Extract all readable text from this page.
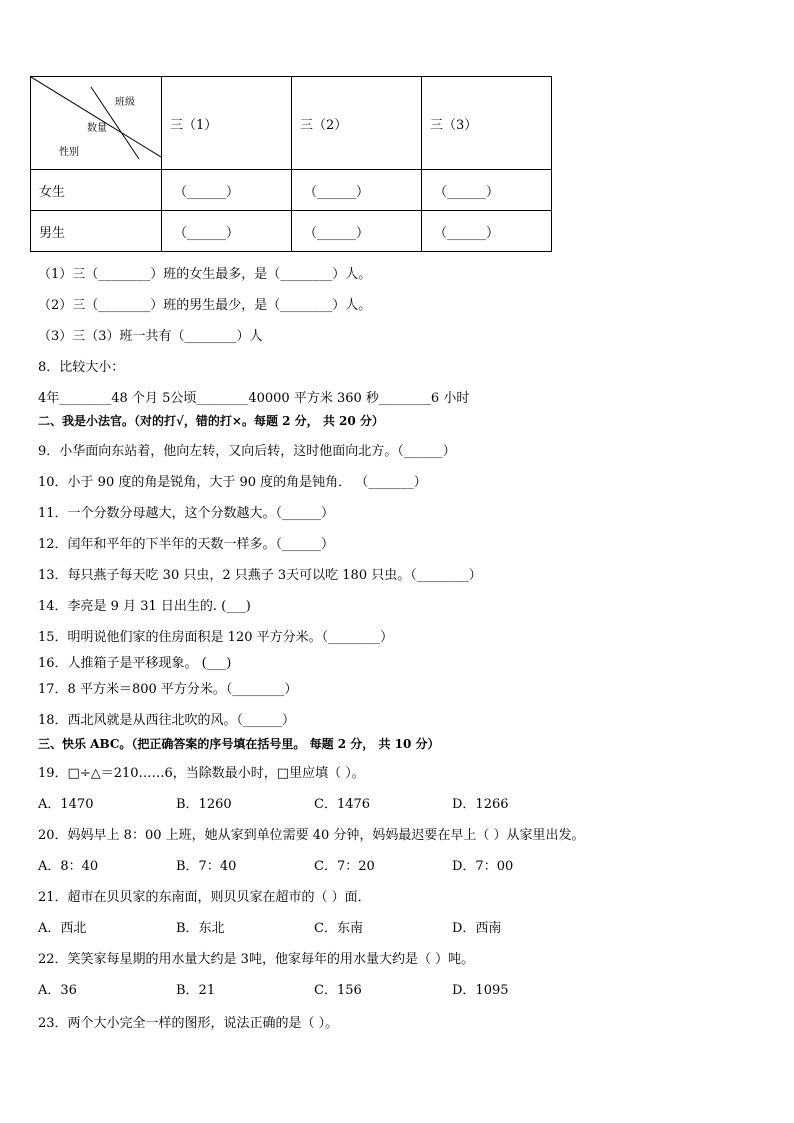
班级
数量
性别	三（1）	三（2）	三（3）
女生	（______）	（______）	（______）
男生	（______）	（______）	（______）
（1）三（________）班的女生最多，是（________）人。
（2）三（________）班的男生最少，是（________）人。
（3）三（3）班一共有（________）人
8．比较大小：
4年________48 个月 5公顷________40000 平方米 360 秒________6 小时
二、我是小法官。（对的打√，错的打×。每题 2 分， 共 20 分）
9．小华面向东站着，他向左转，又向后转，这时他面向北方。（______）
10．小于 90 度的角是锐角，大于 90 度的角是钝角． （_______）
11．一个分数分母越大，这个分数越大。（______）
12．闰年和平年的下半年的天数一样多。（______）
13．每只燕子每天吃 30 只虫，2 只燕子 3天可以吃 180 只虫。（________）
14．李亮是 9 月 31 日出生的. (___)
15．明明说他们家的住房面积是 120 平方分米。（________）
16．人推箱子是平移现象。 (___)
17．8 平方米＝800 平方分米。（________）
18．西北风就是从西往北吹的风。（______）
三、快乐 ABC。（把正确答案的序号填在括号里。 每题 2 分， 共 10 分）
19．□÷△＝210……6，当除数最小时，□里应填（ ）。
A．1470	B．1260	C．1476	D．1266
20．妈妈早上 8：00 上班，她从家到单位需要 40 分钟，妈妈最迟要在早上（ ）从家里出发。
A．8：40	B．7：40	C．7：20	D．7：00
21．超市在贝贝家的东南面，则贝贝家在超市的（ ）面．
A．西北	B．东北	C．东南	D．西南
22．笑笑家每星期的用水量大约是 3吨，他家每年的用水量大约是（ ）吨。
A．36	B．21	C．156	D．1095
23．两个大小完全一样的图形，说法正确的是（ ）。
